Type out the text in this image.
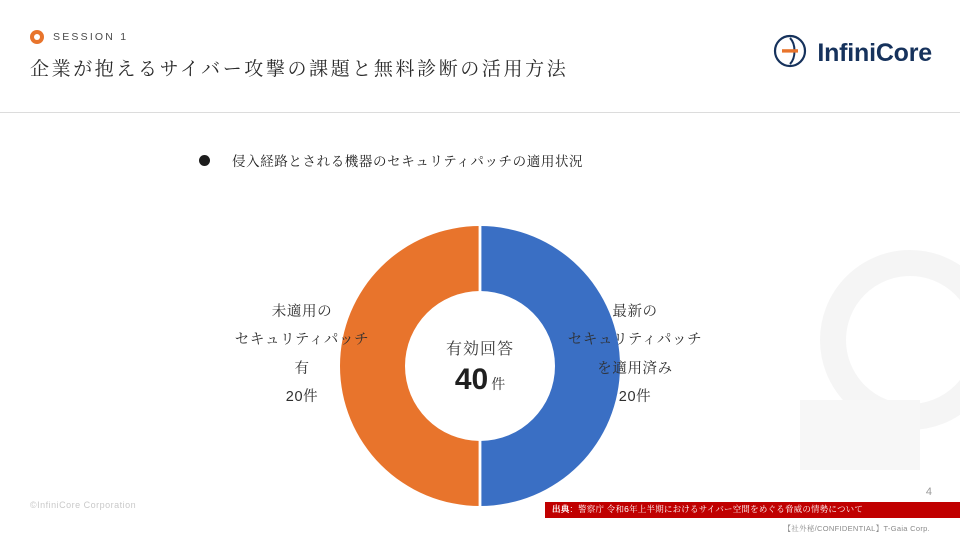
SESSION 1
企業が抱えるサイバー攻撃の課題と無料診断の活用方法
InfiniCore
侵入経路とされる機器のセキュリティパッチの適用状況
有効回答
40 件
未適用の
セキュリティパッチ
有
20件
最新の
セキュリティパッチ
を適用済み
20件
©InfiniCore Corporation
4
出典：警察庁 令和6年上半期におけるサイバー空間をめぐる脅威の情勢について
【社外秘/CONFIDENTIAL】T-Gaia Corp.
